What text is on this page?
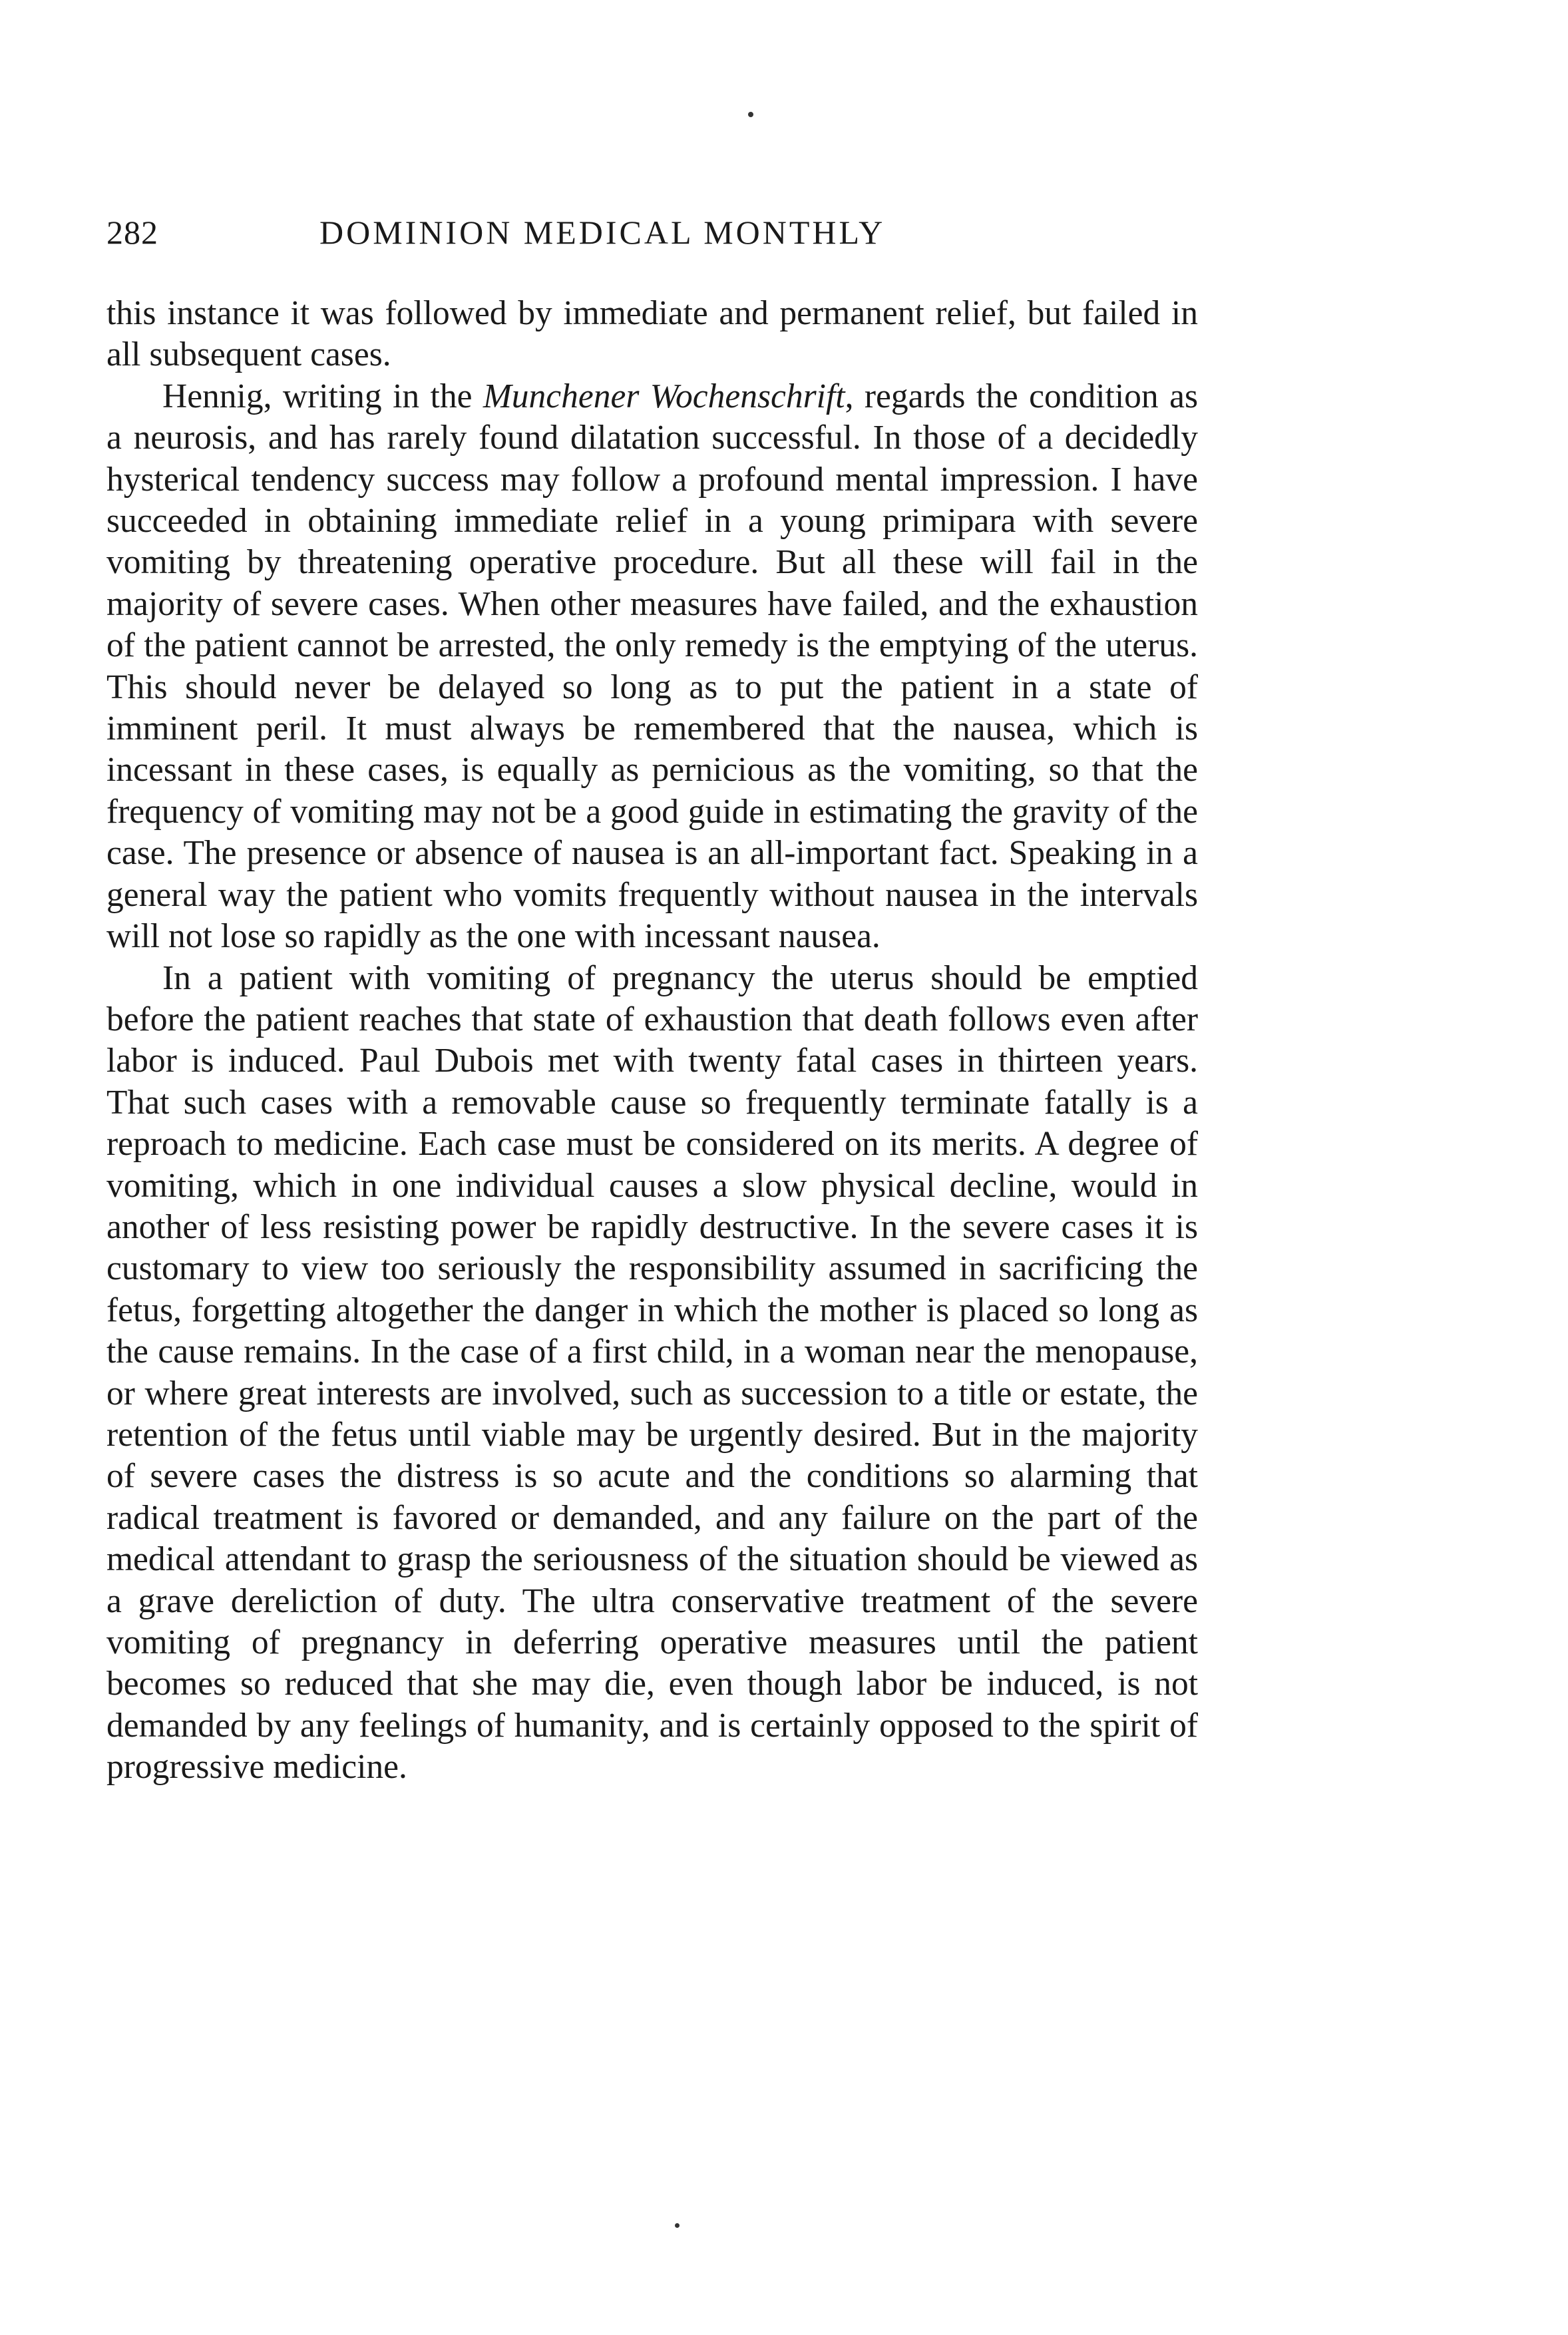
282	DOMINION MEDICAL MONTHLY

this instance it was followed by immediate and permanent relief, but failed in all subsequent cases.

Hennig, writing in the Munchener Wochenschrift, regards the condition as a neurosis, and has rarely found dilatation successful. In those of a decidedly hysterical tendency success may follow a profound mental impression. I have succeeded in obtaining immediate relief in a young primipara with severe vomiting by threatening operative procedure. But all these will fail in the majority of severe cases. When other measures have failed, and the exhaustion of the patient cannot be arrested, the only remedy is the emptying of the uterus. This should never be delayed so long as to put the patient in a state of imminent peril. It must always be remembered that the nausea, which is incessant in these cases, is equally as pernicious as the vomiting, so that the frequency of vomiting may not be a good guide in estimating the gravity of the case. The presence or absence of nausea is an all-important fact. Speaking in a general way the patient who vomits frequently without nausea in the intervals will not lose so rapidly as the one with incessant nausea.

In a patient with vomiting of pregnancy the uterus should be emptied before the patient reaches that state of exhaustion that death follows even after labor is induced. Paul Dubois met with twenty fatal cases in thirteen years. That such cases with a removable cause so frequently terminate fatally is a reproach to medicine. Each case must be considered on its merits. A degree of vomiting, which in one individual causes a slow physical decline, would in another of less resisting power be rapidly destructive. In the severe cases it is customary to view too seriously the responsibility assumed in sacrificing the fetus, forgetting altogether the danger in which the mother is placed so long as the cause remains. In the case of a first child, in a woman near the menopause, or where great interests are involved, such as succession to a title or estate, the retention of the fetus until viable may be urgently desired. But in the majority of severe cases the distress is so acute and the conditions so alarming that radical treatment is favored or demanded, and any failure on the part of the medical attendant to grasp the seriousness of the situation should be viewed as a grave dereliction of duty. The ultra conservative treatment of the severe vomiting of pregnancy in deferring operative measures until the patient becomes so reduced that she may die, even though labor be induced, is not demanded by any feelings of humanity, and is certainly opposed to the spirit of progressive medicine.
